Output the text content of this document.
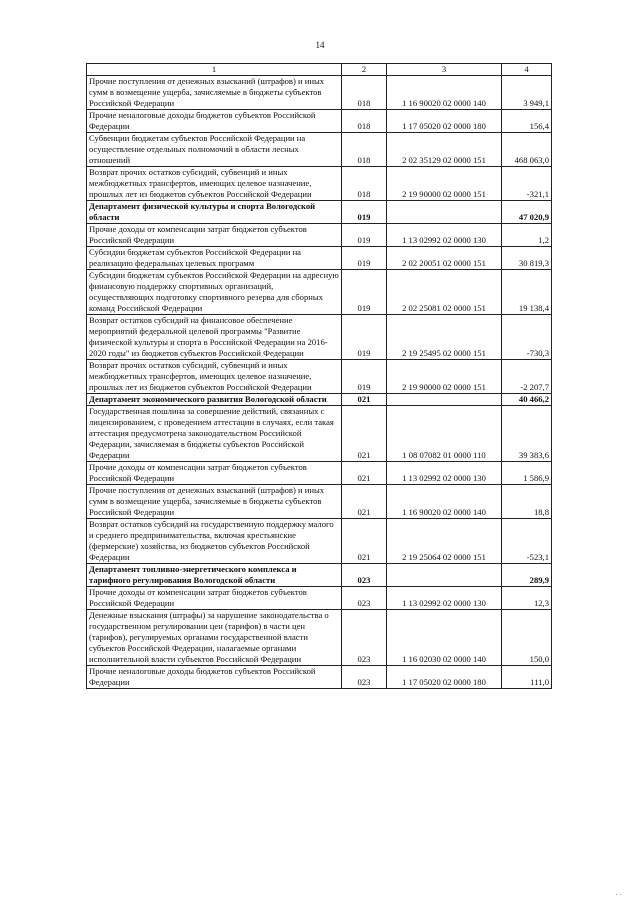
14
1	2	3	4
Прочие поступления от денежных взысканий (штрафов) и иных сумм в возмещение ущерба, зачисляемые в бюджеты субъектов Российской Федерации	018	1 16 90020 02 0000 140	3 949,1
Прочие неналоговые доходы бюджетов субъектов Российской Федерации	018	1 17 05020 02 0000 180	156,4
Субвенции бюджетам субъектов Российской Федерации на осуществление отдельных полномочий в области лесных отношений	018	2 02 35129 02 0000 151	468 063,0
Возврат прочих остатков субсидий, субвенций и иных межбюджетных трансфертов, имеющих целевое назначение, прошлых лет из бюджетов субъектов Российской Федерации	018	2 19 90000 02 0000 151	-321,1
Департамент физической культуры и спорта Вологодской области	019		47 020,9
Прочие доходы от компенсации затрат бюджетов субъектов Российской Федерации	019	1 13 02992 02 0000 130	1,2
Субсидии бюджетам субъектов Российской Федерации на реализацию федеральных целевых программ	019	2 02 20051 02 0000 151	30 819,3
Субсидии бюджетам субъектов Российской Федерации на адресную финансовую поддержку спортивных организаций, осуществляющих подготовку спортивного резерва для сборных команд Российской Федерации	019	2 02 25081 02 0000 151	19 138,4
Возврат остатков субсидий на финансовое обеспечение мероприятий федеральной целевой программы "Развитие физической культуры и спорта в Российской Федерации на 2016-2020 годы" из бюджетов субъектов Российской Федерации	019	2 19 25495 02 0000 151	-730,3
Возврат прочих остатков субсидий, субвенций и иных межбюджетных трансфертов, имеющих целевое назначение, прошлых лет из бюджетов субъектов Российской Федерации	019	2 19 90000 02 0000 151	-2 207,7
Департамент экономического развития Вологодской области	021		40 466,2
Государственная пошлина за совершение действий, связанных с лицензированием, с проведением аттестации в случаях, если такая аттестация предусмотрена законодательством Российской Федерации, зачисляемая в бюджеты субъектов Российской Федерации	021	1 08 07082 01 0000 110	39 383,6
Прочие доходы от компенсации затрат бюджетов субъектов Российской Федерации	021	1 13 02992 02 0000 130	1 586,9
Прочие поступления от денежных взысканий (штрафов) и иных сумм в возмещение ущерба, зачисляемые в бюджеты субъектов Российской Федерации	021	1 16 90020 02 0000 140	18,8
Возврат остатков субсидий на государственную поддержку малого и среднего предпринимательства, включая крестьянские (фермерские) хозяйства, из бюджетов субъектов Российской Федерации	021	2 19 25064 02 0000 151	-523,1
Департамент топливно-энергетического комплекса и тарифного регулирования Вологодской области	023		289,9
Прочие доходы от компенсации затрат бюджетов субъектов Российской Федерации	023	1 13 02992 02 0000 130	12,3
Денежные взыскания (штрафы) за нарушение законодательства о государственном регулировании цен (тарифов) в части цен (тарифов), регулируемых органами государственной власти субъектов Российской Федерации, налагаемые органами исполнительной власти субъектов Российской Федерации	023	1 16 02030 02 0000 140	150,0
Прочие неналоговые доходы бюджетов субъектов Российской Федерации	023	1 17 05020 02 0000 180	111,0
· ·
